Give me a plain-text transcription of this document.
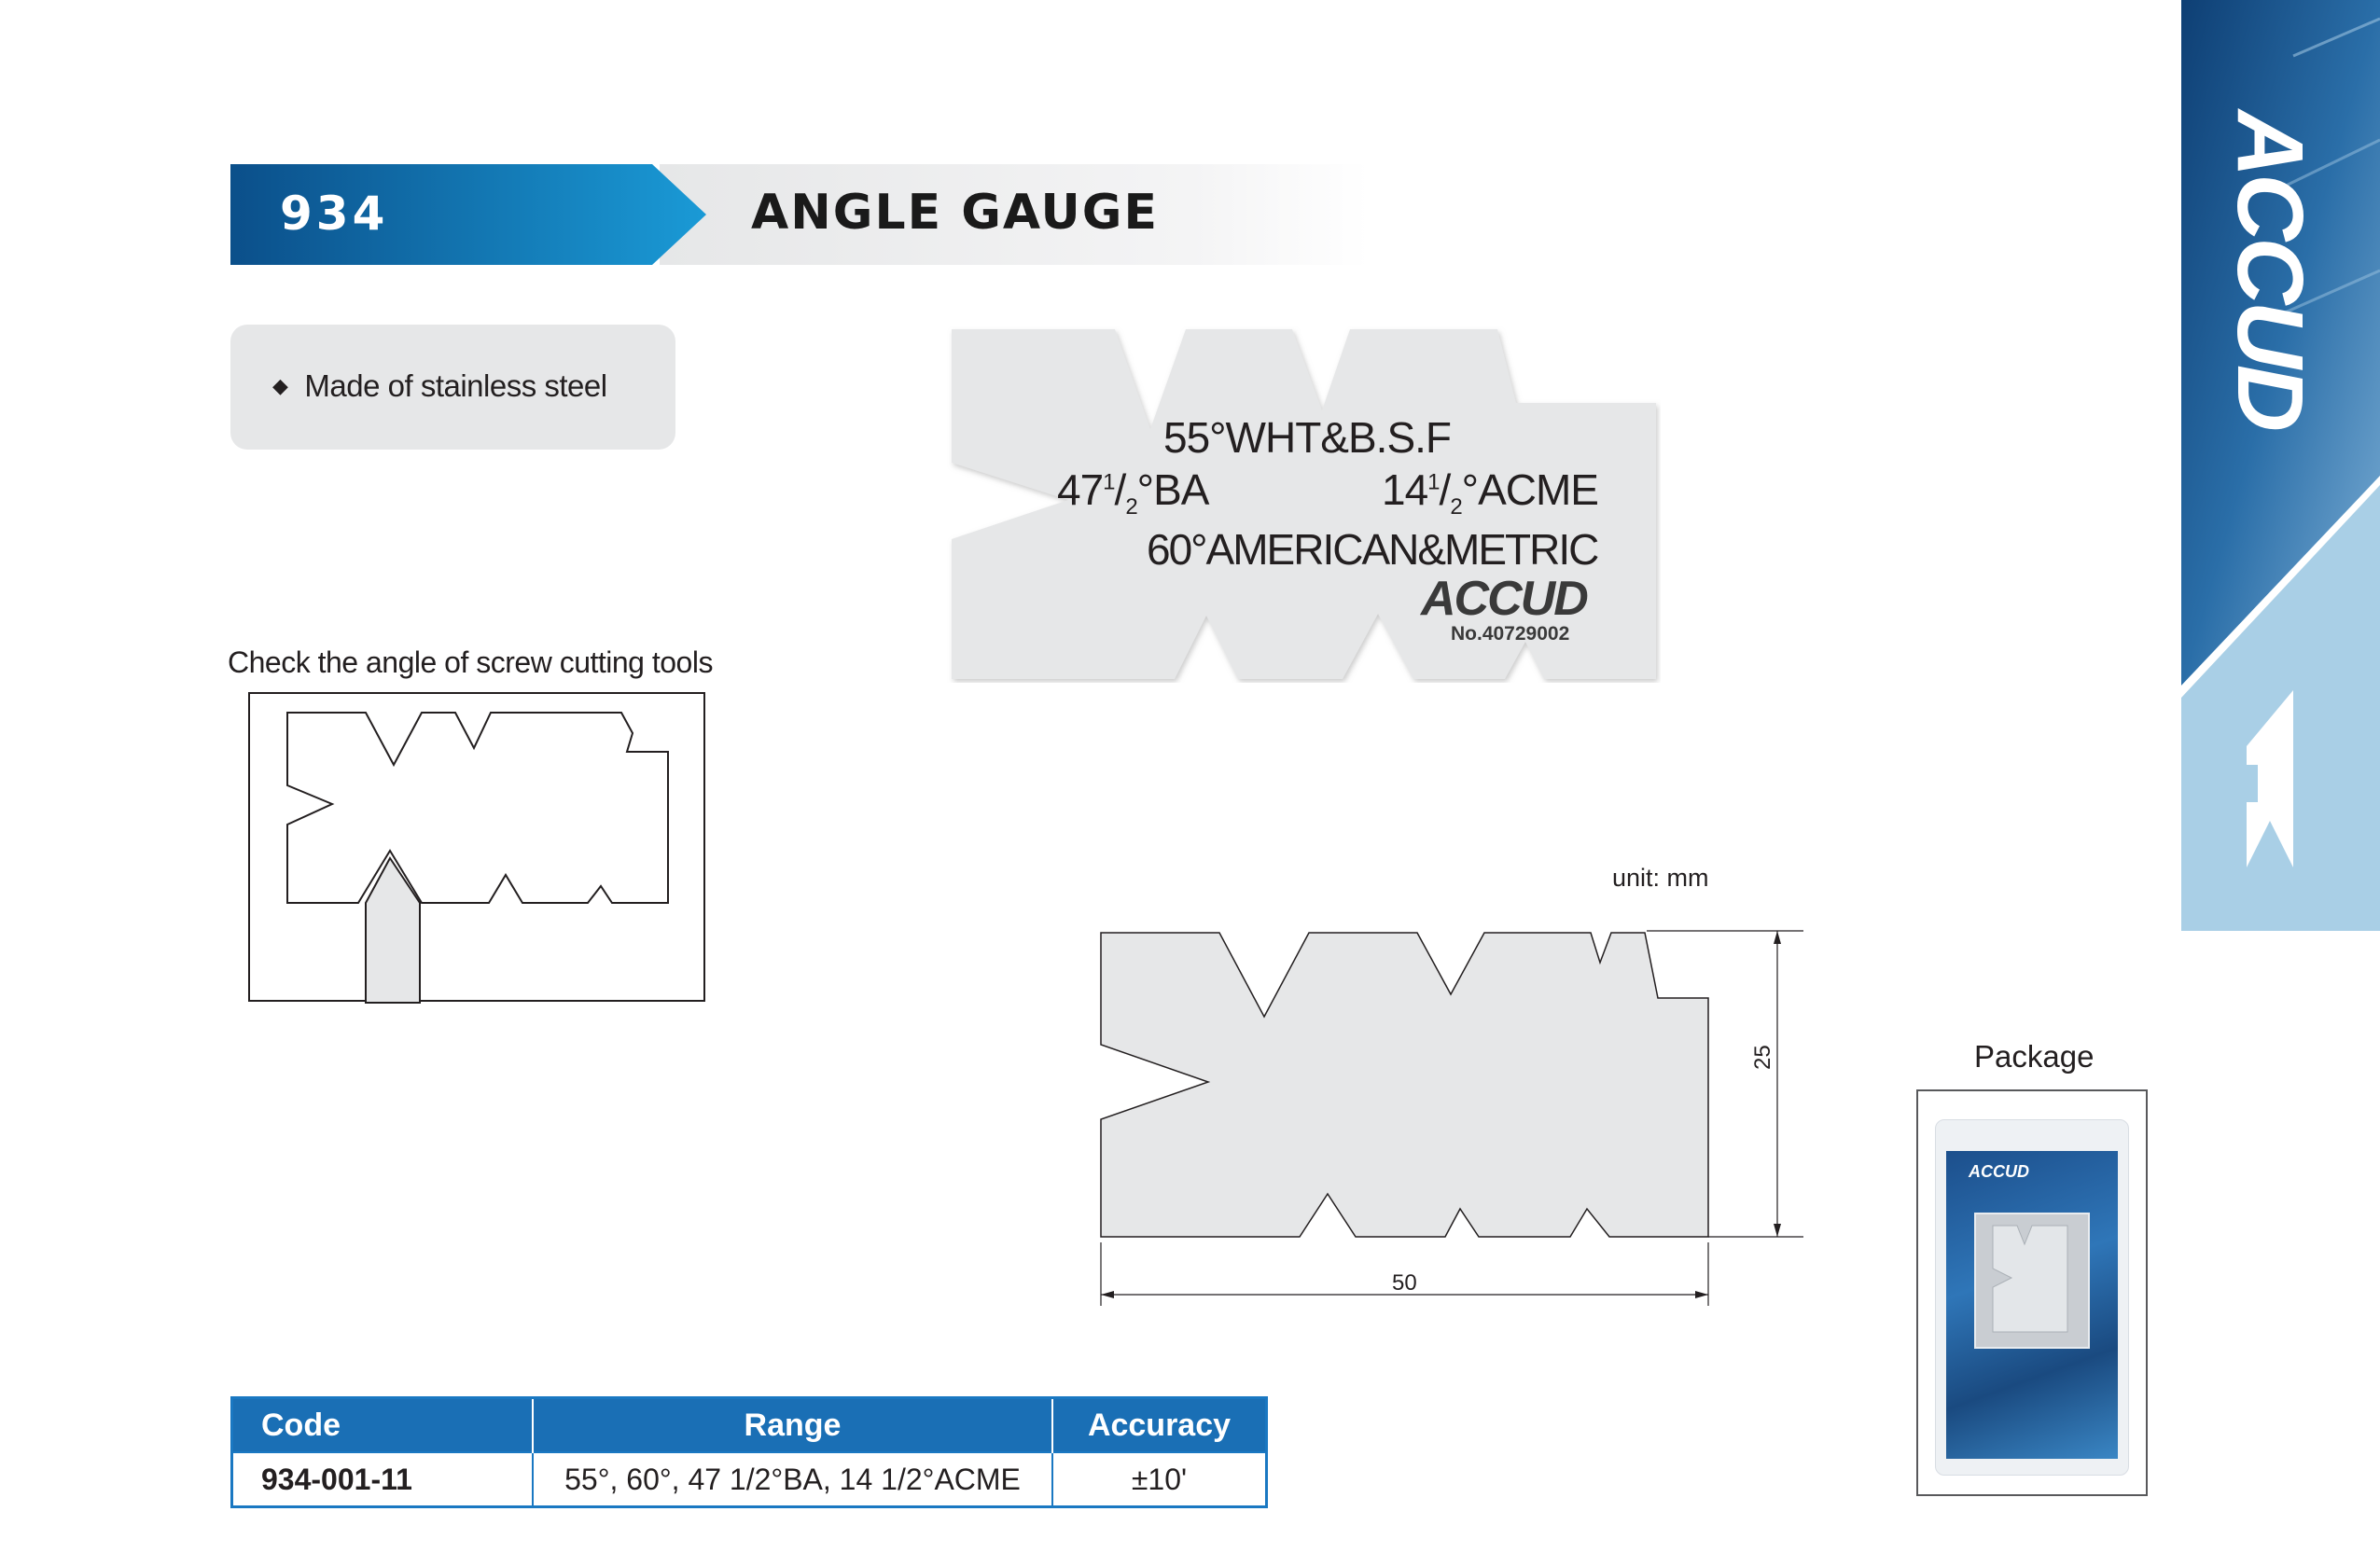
934	ANGLE GAUGE
◆ Made of stainless steel
Check the angle of screw cutting tools
55°WHT&B.S.F
$47^1/_2^\circ BA$	$14^1/_2^\circ ACME$
60°AMERICAN&METRIC
ACCUD
No.40729002
unit: mm
25
50
Package
ACCUD
Code	Range	Accuracy
934-001-11	55°, 60°, 47 1/2°BA, 14 1/2°ACME	±10'
ACCUD
